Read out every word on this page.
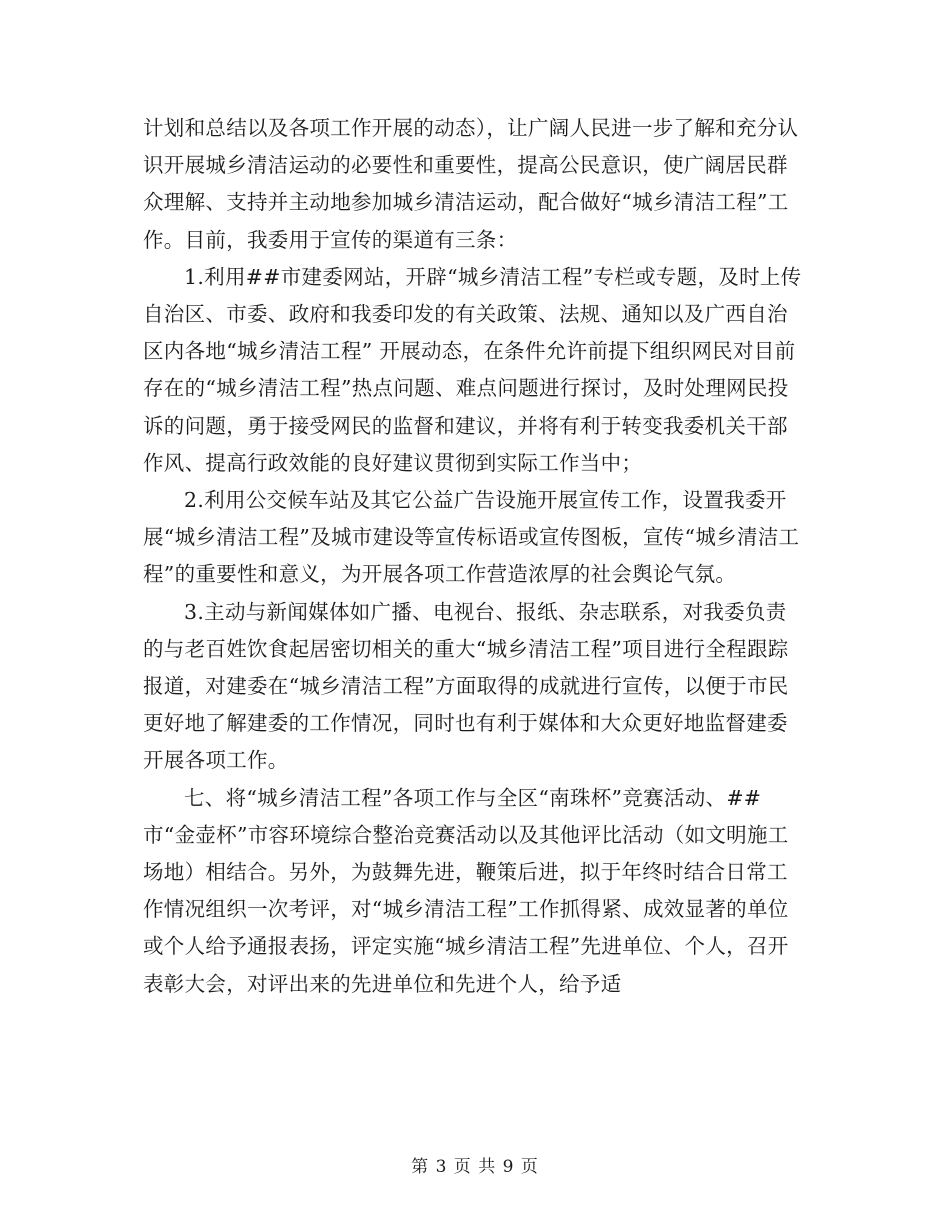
计划和总结以及各项工作开展的动态），让广阔人民进一步了解和充分认识开展城乡清洁运动的必要性和重要性，提高公民意识，使广阔居民群众理解、支持并主动地参加城乡清洁运动，配合做好“城乡清洁工程”工作。目前，我委用于宣传的渠道有三条：

1.利用##市建委网站，开辟“城乡清洁工程”专栏或专题，及时上传自治区、市委、政府和我委印发的有关政策、法规、通知以及广西自治区内各地“城乡清洁工程” 开展动态，在条件允许前提下组织网民对目前存在的“城乡清洁工程”热点问题、难点问题进行探讨，及时处理网民投诉的问题，勇于接受网民的监督和建议，并将有利于转变我委机关干部作风、提高行政效能的良好建议贯彻到实际工作当中；

2.利用公交候车站及其它公益广告设施开展宣传工作，设置我委开展“城乡清洁工程”及城市建设等宣传标语或宣传图板，宣传“城乡清洁工程”的重要性和意义，为开展各项工作营造浓厚的社会舆论气氛。

3.主动与新闻媒体如广播、电视台、报纸、杂志联系，对我委负责的与老百姓饮食起居密切相关的重大“城乡清洁工程”项目进行全程跟踪报道，对建委在“城乡清洁工程”方面取得的成就进行宣传，以便于市民更好地了解建委的工作情况，同时也有利于媒体和大众更好地监督建委开展各项工作。

七、将“城乡清洁工程”各项工作与全区“南珠杯”竞赛活动、##市“金壶杯”市容环境综合整治竞赛活动以及其他评比活动（如文明施工场地）相结合。另外，为鼓舞先进，鞭策后进，拟于年终时结合日常工作情况组织一次考评，对“城乡清洁工程”工作抓得紧、成效显著的单位或个人给予通报表扬，评定实施“城乡清洁工程”先进单位、个人，召开表彰大会，对评出来的先进单位和先进个人，给予适

第 3 页 共 9 页
